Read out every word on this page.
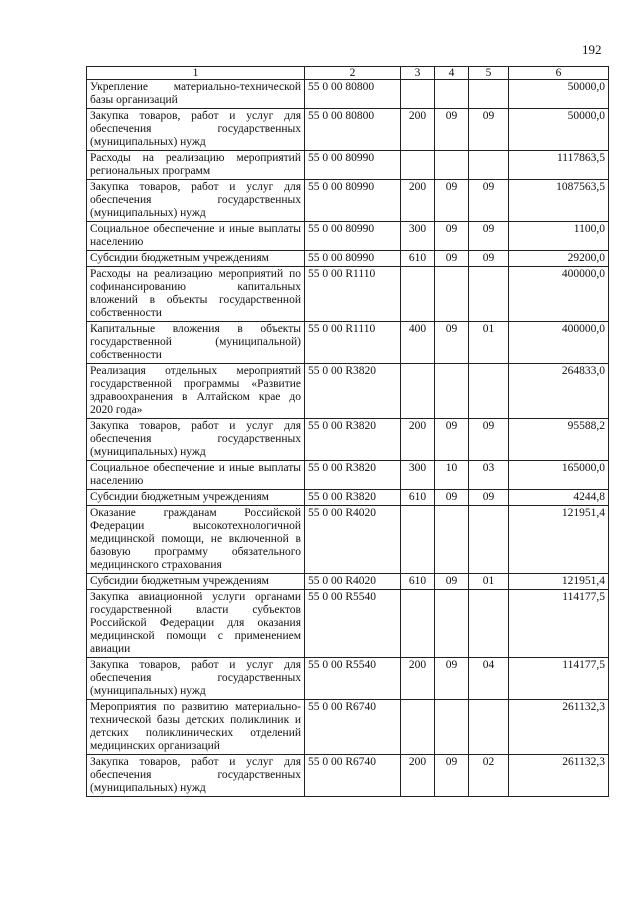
192
1	2	3	4	5	6
Укрепление материально-технической базы организаций	55 0 00 80800				50000,0
Закупка товаров, работ и услуг для обеспечения государственных (муниципальных) нужд	55 0 00 80800	200	09	09	50000,0
Расходы на реализацию мероприятий региональных программ	55 0 00 80990				1117863,5
Закупка товаров, работ и услуг для обеспечения государственных (муниципальных) нужд	55 0 00 80990	200	09	09	1087563,5
Социальное обеспечение и иные выплаты населению	55 0 00 80990	300	09	09	1100,0
Субсидии бюджетным учреждениям	55 0 00 80990	610	09	09	29200,0
Расходы на реализацию мероприятий по софинансированию капитальных вложений в объекты государственной собственности	55 0 00 R1110				400000,0
Капитальные вложения в объекты государственной (муниципальной) собственности	55 0 00 R1110	400	09	01	400000,0
Реализация отдельных мероприятий государственной программы «Развитие здравоохранения в Алтайском крае до 2020 года»	55 0 00 R3820				264833,0
Закупка товаров, работ и услуг для обеспечения государственных (муниципальных) нужд	55 0 00 R3820	200	09	09	95588,2
Социальное обеспечение и иные выплаты населению	55 0 00 R3820	300	10	03	165000,0
Субсидии бюджетным учреждениям	55 0 00 R3820	610	09	09	4244,8
Оказание гражданам Российской Федерации высокотехнологичной медицинской помощи, не включенной в базовую программу обязательного медицинского страхования	55 0 00 R4020				121951,4
Субсидии бюджетным учреждениям	55 0 00 R4020	610	09	01	121951,4
Закупка авиационной услуги органами государственной власти субъектов Российской Федерации для оказания медицинской помощи с применением авиации	55 0 00 R5540				114177,5
Закупка товаров, работ и услуг для обеспечения государственных (муниципальных) нужд	55 0 00 R5540	200	09	04	114177,5
Мероприятия по развитию материально-технической базы детских поликлиник и детских поликлинических отделений медицинских организаций	55 0 00 R6740				261132,3
Закупка товаров, работ и услуг для обеспечения государственных (муниципальных) нужд	55 0 00 R6740	200	09	02	261132,3
